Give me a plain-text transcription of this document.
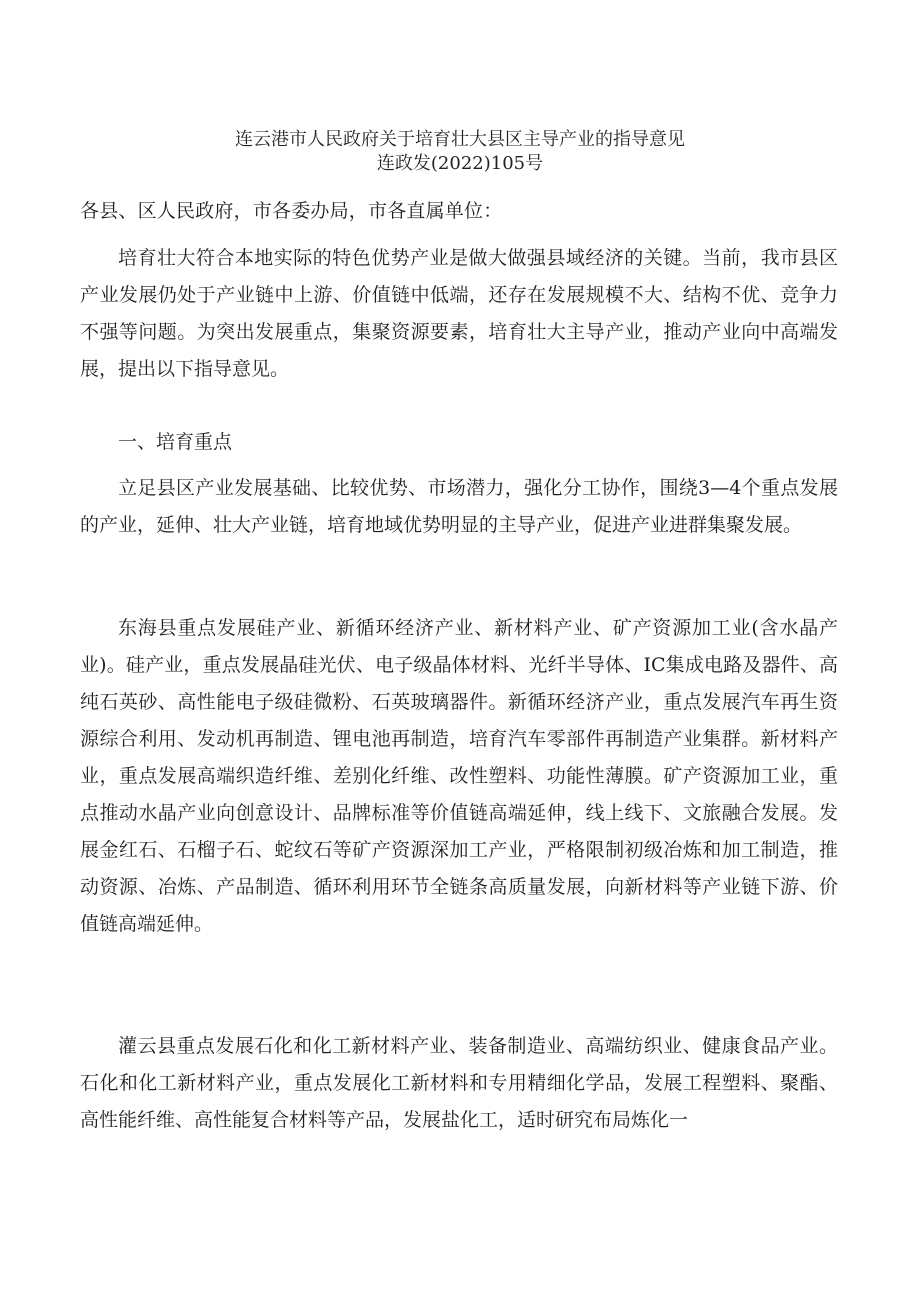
连云港市人民政府关于培育壮大县区主导产业的指导意见
连政发(2022)105号
各县、区人民政府，市各委办局，市各直属单位：
培育壮大符合本地实际的特色优势产业是做大做强县域经济的关键。当前，我市县区产业发展仍处于产业链中上游、价值链中低端，还存在发展规模不大、结构不优、竞争力不强等问题。为突出发展重点，集聚资源要素，培育壮大主导产业，推动产业向中高端发展，提出以下指导意见。
一、培育重点
立足县区产业发展基础、比较优势、市场潜力，强化分工协作，围绕3—4个重点发展的产业，延伸、壮大产业链，培育地域优势明显的主导产业，促进产业进群集聚发展。
东海县重点发展硅产业、新循环经济产业、新材料产业、矿产资源加工业(含水晶产业)。硅产业，重点发展晶硅光伏、电子级晶体材料、光纤半导体、IC集成电路及器件、高纯石英砂、高性能电子级硅微粉、石英玻璃器件。新循环经济产业，重点发展汽车再生资源综合利用、发动机再制造、锂电池再制造，培育汽车零部件再制造产业集群。新材料产业，重点发展高端织造纤维、差别化纤维、改性塑料、功能性薄膜。矿产资源加工业，重点推动水晶产业向创意设计、品牌标准等价值链高端延伸，线上线下、文旅融合发展。发展金红石、石榴子石、蛇纹石等矿产资源深加工产业，严格限制初级冶炼和加工制造，推动资源、冶炼、产品制造、循环利用环节全链条高质量发展，向新材料等产业链下游、价值链高端延伸。
灌云县重点发展石化和化工新材料产业、装备制造业、高端纺织业、健康食品产业。石化和化工新材料产业，重点发展化工新材料和专用精细化学品，发展工程塑料、聚酯、高性能纤维、高性能复合材料等产品，发展盐化工，适时研究布局炼化一
